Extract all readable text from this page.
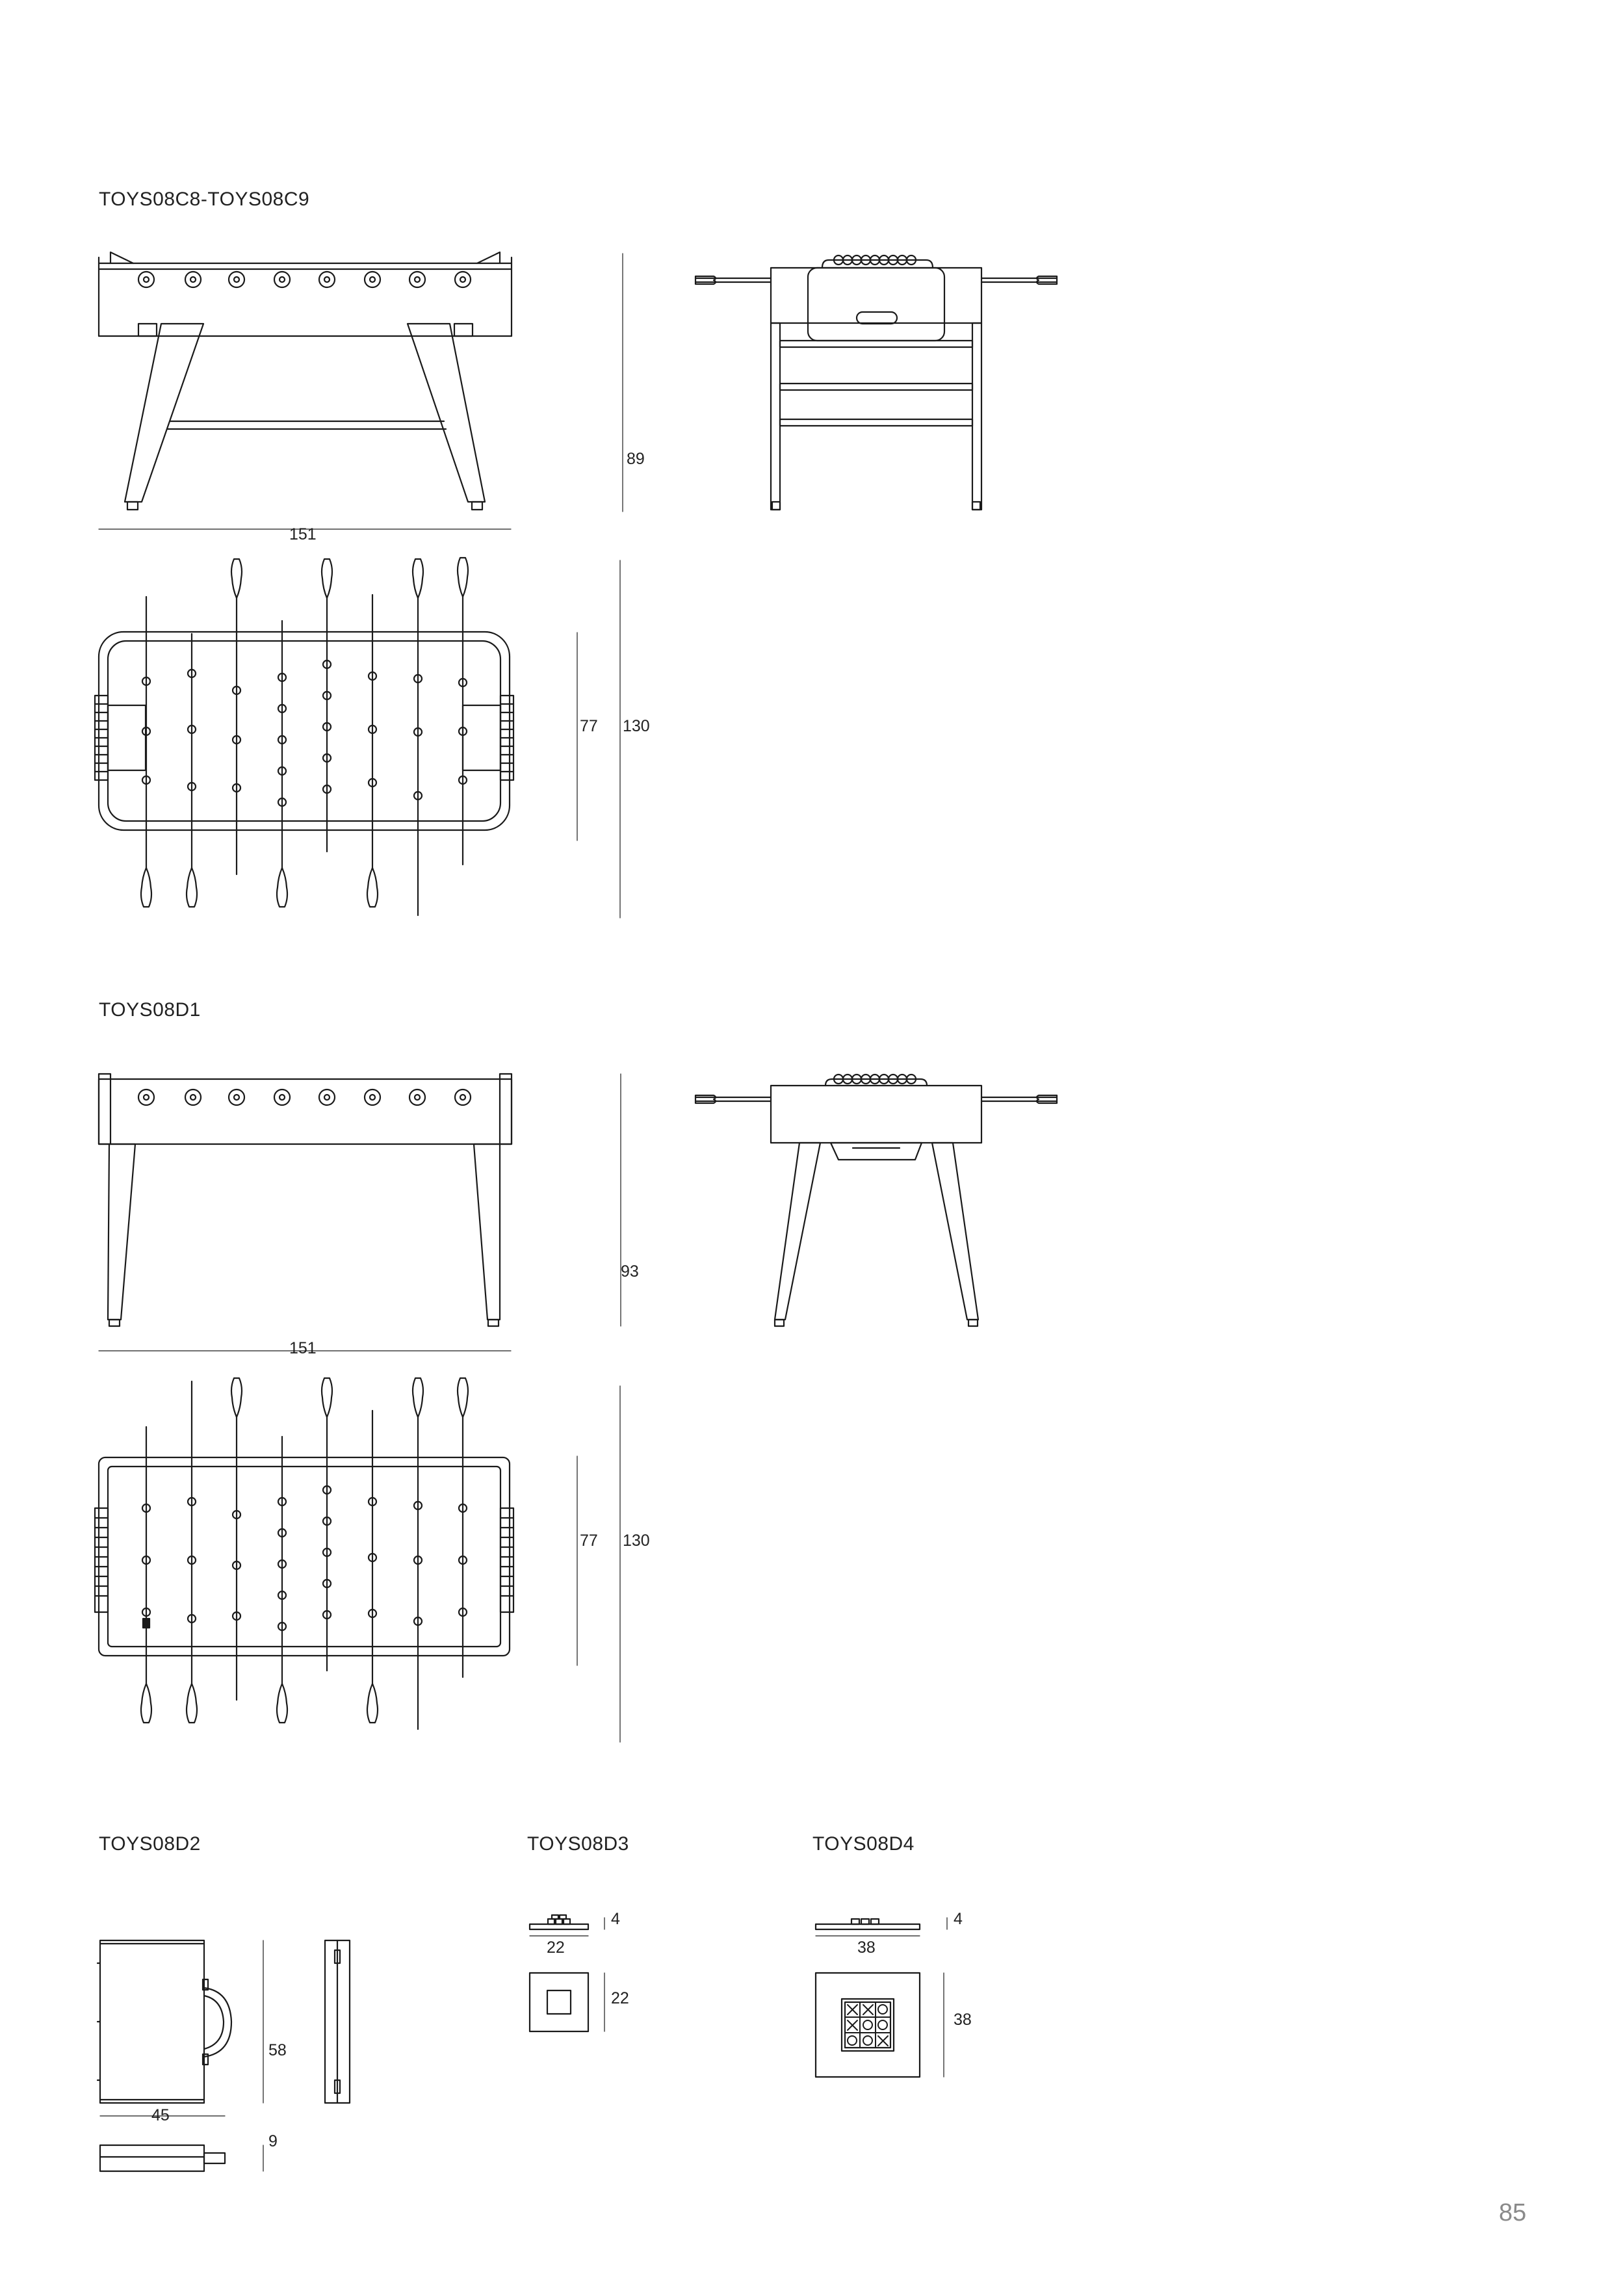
TOYS08C8-TOYS08C9
TOYS08D1
TOYS08D2	TOYS08D3	TOYS08D4
89
151
77 130
93
151
77 130
58
45
9
4
22
22
4
38
38
85
